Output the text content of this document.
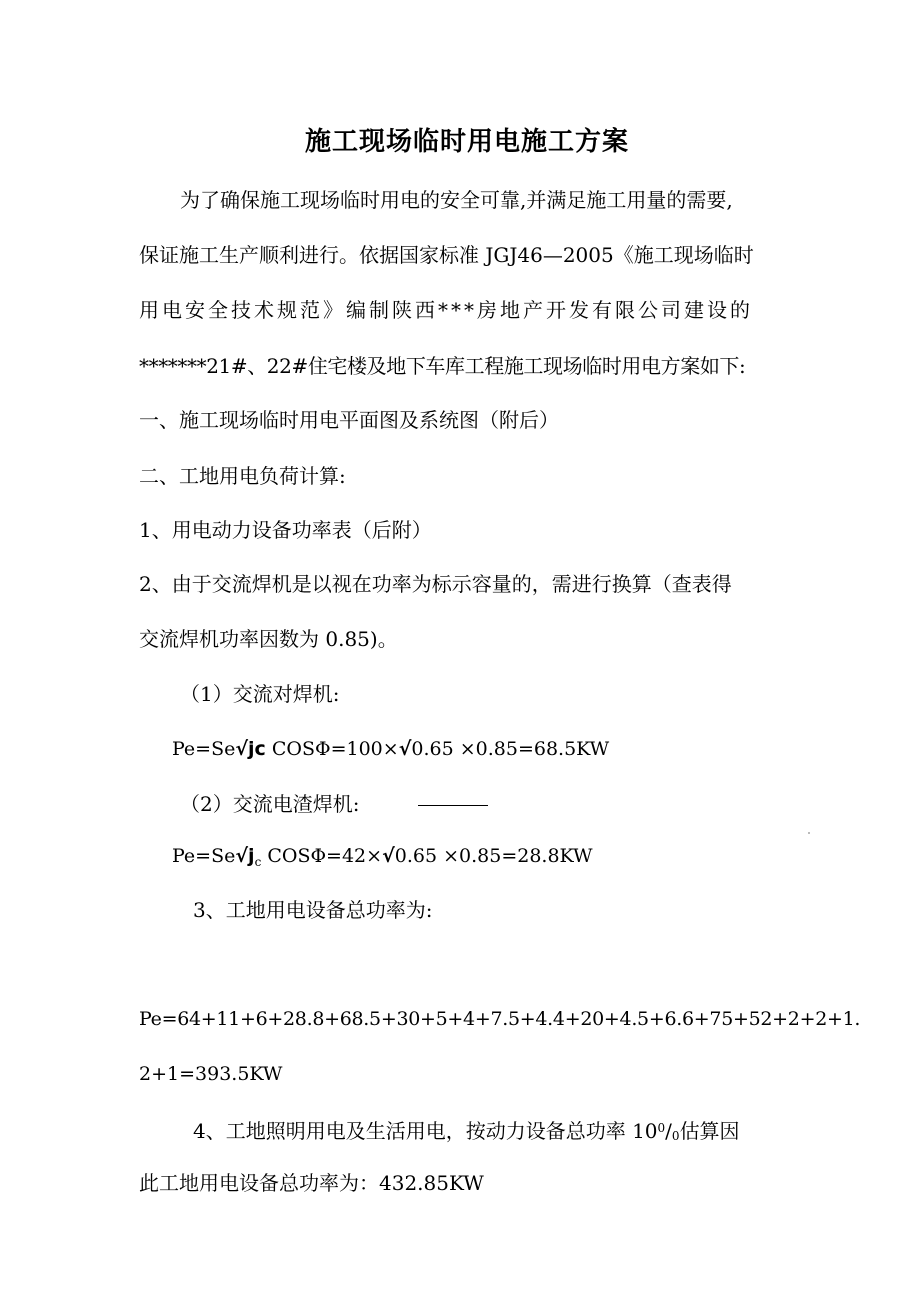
施工现场临时用电施工方案
为了确保施工现场临时用电的安全可靠,并满足施工用量的需要,
保证施工生产顺利进行。依据国家标准 JGJ46—2005《施工现场临时
用电安全技术规范》编制陕西***房地产开发有限公司建设的
*******21#、22#住宅楼及地下车库工程施工现场临时用电方案如下:
一、施工现场临时用电平面图及系统图（附后）
二、工地用电负荷计算:
1、用电动力设备功率表（后附）
2、由于交流焊机是以视在功率为标示容量的，需进行换算（查表得
交流焊机功率因数为 0.85)。
（1）交流对焊机:
Pe=Se√jc COSΦ=100×√0.65 ×0.85=68.5KW
（2）交流电渣焊机:
$Pe=Se√j_c$ COSΦ=42×√0.65 ×0.85=28.8KW
3、工地用电设备总功率为:
Pe=64+11+6+28.8+68.5+30+5+4+7.5+4.4+20+4.5+6.6+75+52+2+2+1.
2+1=393.5KW
4、工地照明用电及生活用电，按动力设备总功率 $10^0/_0$估算因
此工地用电设备总功率为：432.85KW
